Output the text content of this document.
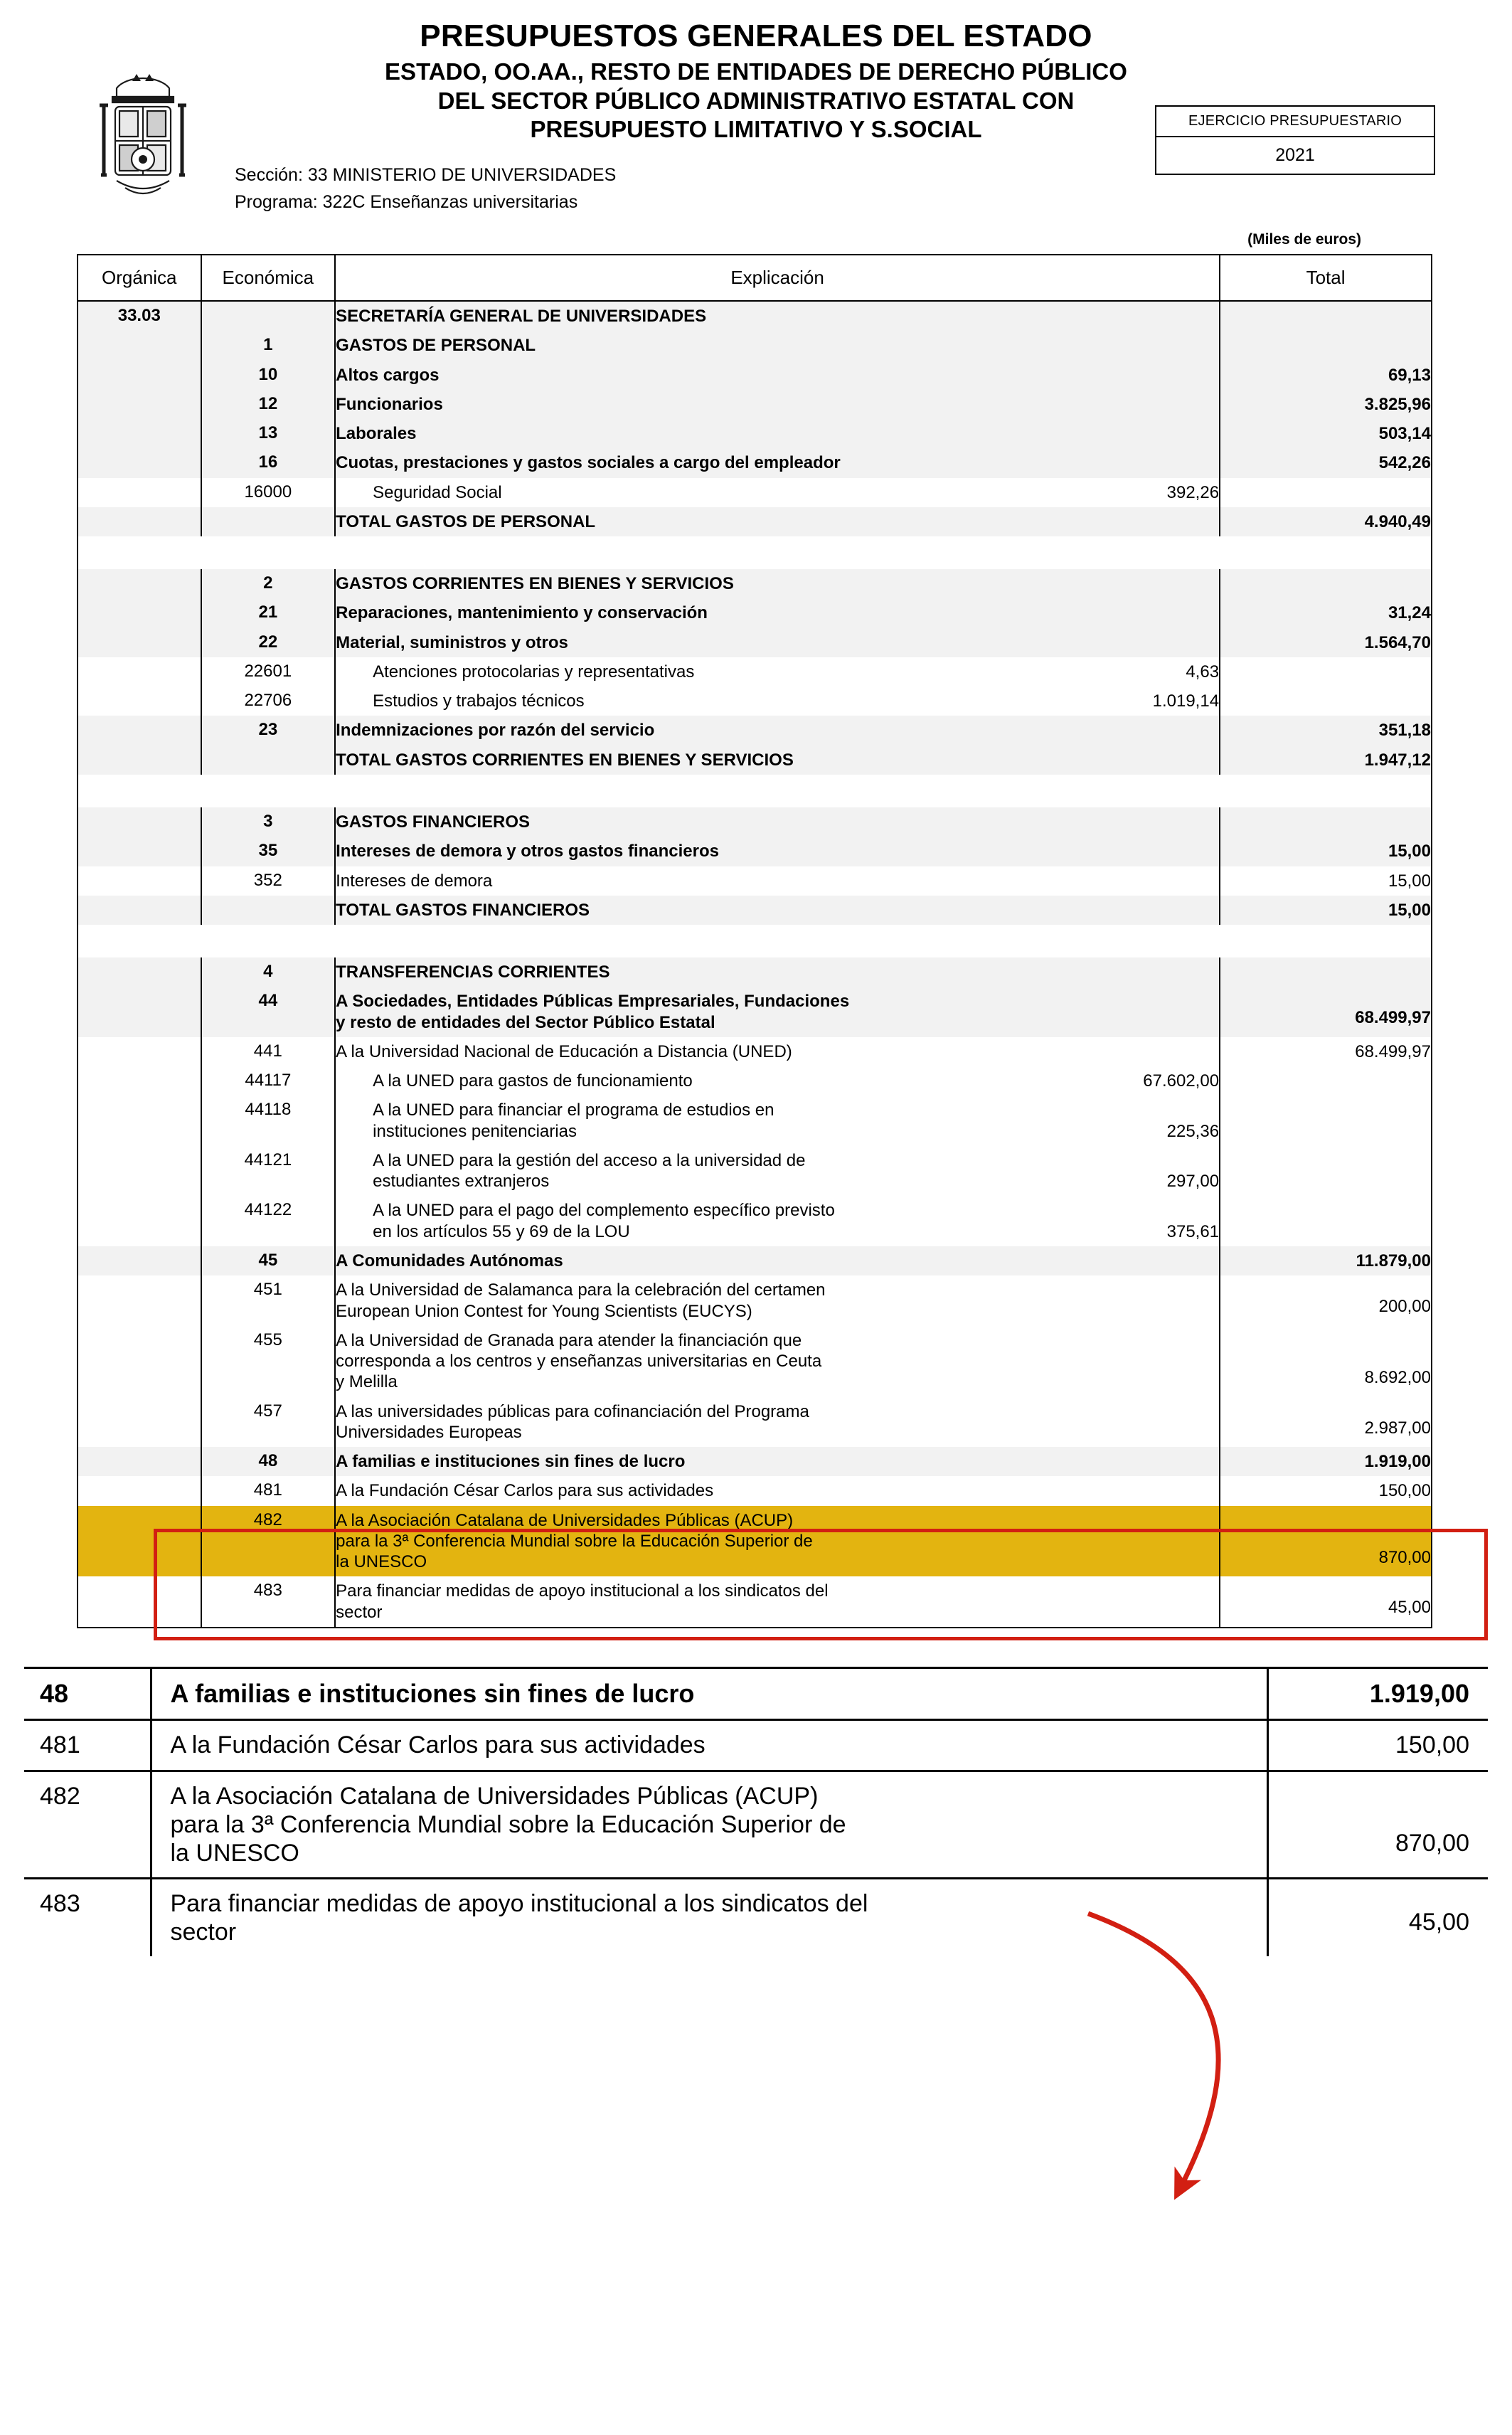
PRESUPUESTOS GENERALES DEL ESTADO
ESTADO, OO.AA., RESTO DE ENTIDADES DE DERECHO PÚBLICO
DEL SECTOR PÚBLICO ADMINISTRATIVO ESTATAL CON
PRESUPUESTO LIMITATIVO Y S.SOCIAL	EJERCICIO PRESUPUESTARIO
2021
Sección: 33 MINISTERIO DE UNIVERSIDADES
Programa: 322C Enseñanzas universitarias
(Miles de euros)
Orgánica	Económica	Explicación	Total
33.03		SECRETARÍA GENERAL DE UNIVERSIDADES	

	1	GASTOS DE PERSONAL	

	10	Altos cargos	69,13
	12	Funcionarios	3.825,96
	13	Laborales	503,14
	16	Cuotas, prestaciones y gastos sociales a cargo del empleador	542,26
	16000	Seguridad Social 392,26	

		TOTAL GASTOS DE PERSONAL	4.940,49

	2	GASTOS CORRIENTES EN BIENES Y SERVICIOS	

	21	Reparaciones, mantenimiento y conservación	31,24
	22	Material, suministros y otros	1.564,70
	22601	Atenciones protocolarias y representativas 4,63	

	22706	Estudios y trabajos técnicos 1.019,14	

	23	Indemnizaciones por razón del servicio	351,18

		TOTAL GASTOS CORRIENTES EN BIENES Y SERVICIOS	1.947,12

	3	GASTOS FINANCIEROS	

	35	Intereses de demora y otros gastos financieros	15,00
	352	Intereses de demora	15,00

		TOTAL GASTOS FINANCIEROS	15,00

	4	TRANSFERENCIAS CORRIENTES	

	44	A Sociedades, Entidades Públicas Empresariales, Fundaciones
y resto de entidades del Sector Público Estatal	68.499,97
	441	A la Universidad Nacional de Educación a Distancia (UNED)	68.499,97
	44117	A la UNED para gastos de funcionamiento 67.602,00	

	44118	A la UNED para financiar el programa de estudios en
instituciones penitenciarias 225,36	

	44121	A la UNED para la gestión del acceso a la universidad de
estudiantes extranjeros 297,00	

	44122	A la UNED para el pago del complemento específico previsto
en los artículos 55 y 69 de la LOU 375,61	

	45	A Comunidades Autónomas	11.879,00
	451	A la Universidad de Salamanca para la celebración del certamen
European Union Contest for Young Scientists (EUCYS)	200,00
	455	A la Universidad de Granada para atender la financiación que
corresponda a los centros y enseñanzas universitarias en Ceuta
y Melilla	8.692,00
	457	A las universidades públicas para cofinanciación del Programa
Universidades Europeas	2.987,00
	48	A familias e instituciones sin fines de lucro	1.919,00
	481	A la Fundación César Carlos para sus actividades	150,00
	482	A la Asociación Catalana de Universidades Públicas (ACUP)
para la 3ª Conferencia Mundial sobre la Educación Superior de
la UNESCO	870,00
	483	Para financiar medidas de apoyo institucional a los sindicatos del
sector	45,00
48	A familias e instituciones sin fines de lucro	1.919,00
481	A la Fundación César Carlos para sus actividades	150,00
482	A la Asociación Catalana de Universidades Públicas (ACUP)
para la 3ª Conferencia Mundial sobre la Educación Superior de
la UNESCO	870,00
483	Para financiar medidas de apoyo institucional a los sindicatos del
sector	45,00
